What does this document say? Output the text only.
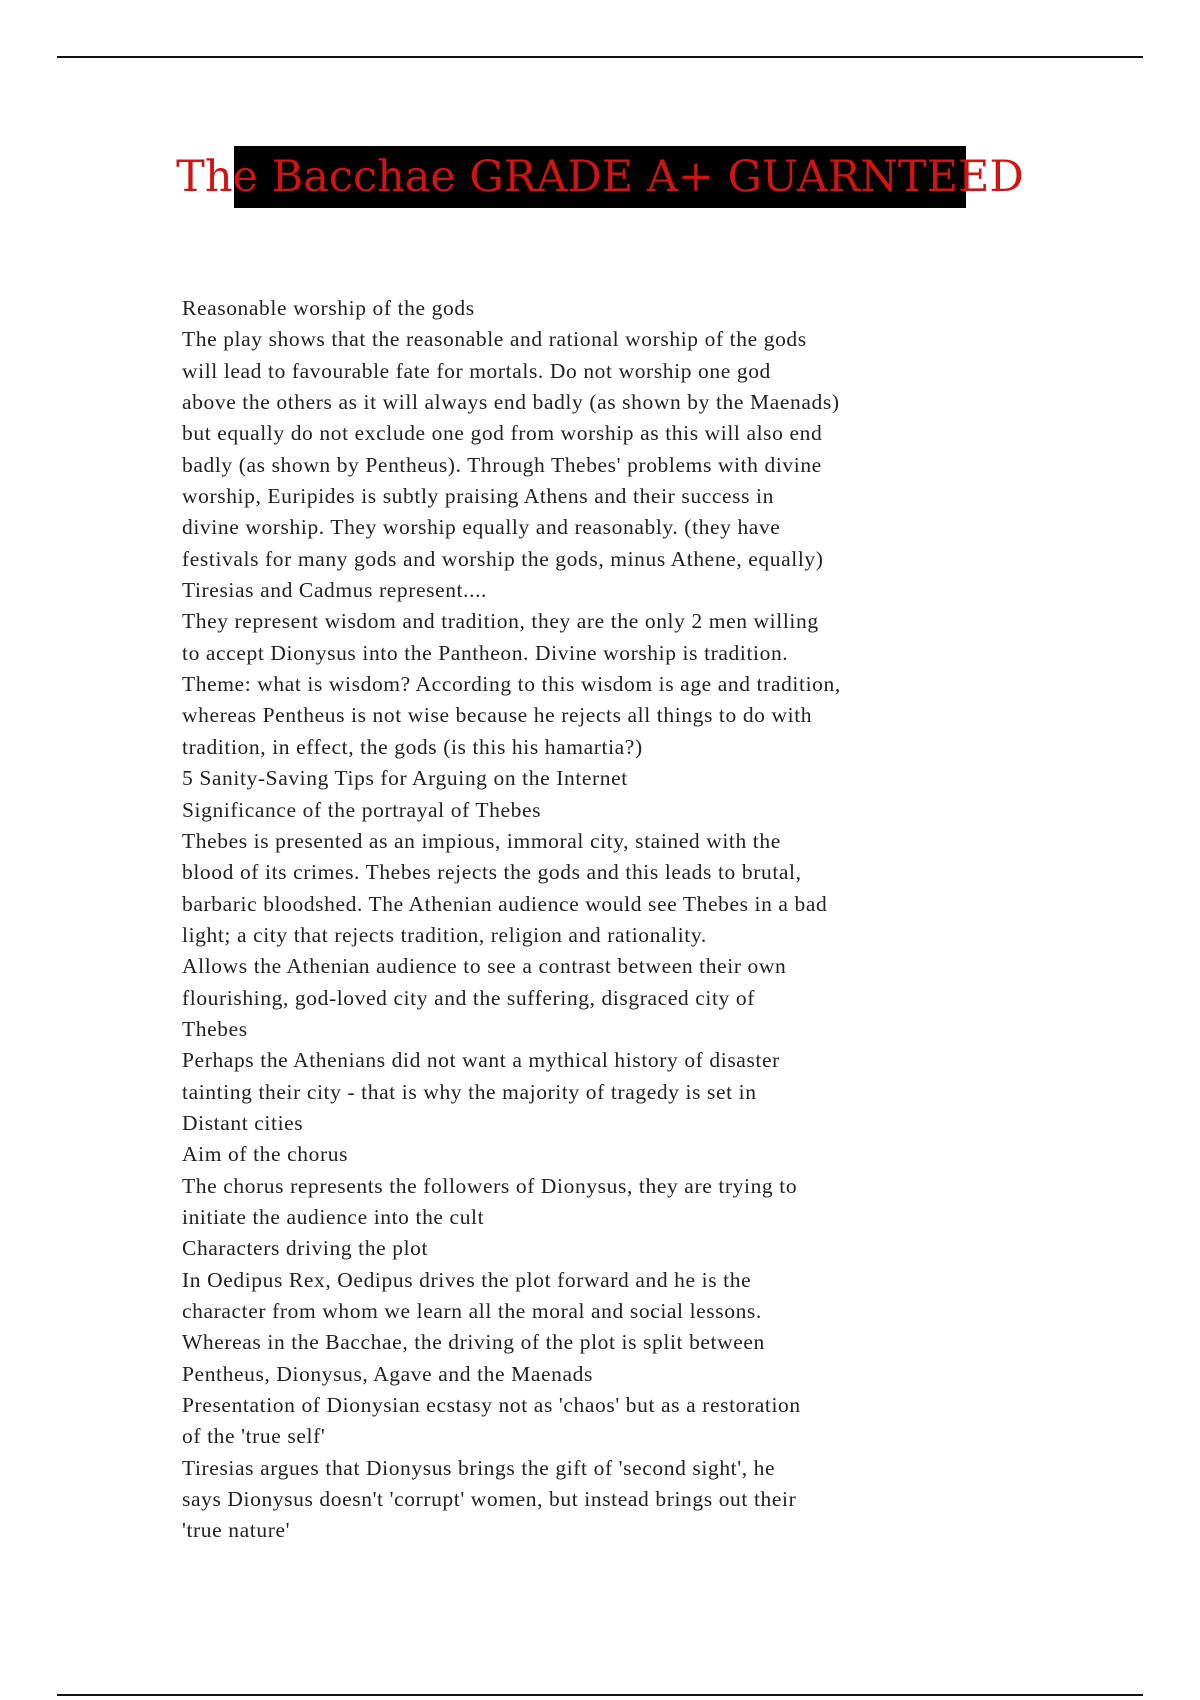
The Bacchae GRADE A+ GUARNTEED
Reasonable worship of the gods
The play shows that the reasonable and rational worship of the gods
will lead to favourable fate for mortals. Do not worship one god
above the others as it will always end badly (as shown by the Maenads)
but equally do not exclude one god from worship as this will also end
badly (as shown by Pentheus). Through Thebes' problems with divine
worship, Euripides is subtly praising Athens and their success in
divine worship. They worship equally and reasonably. (they have
festivals for many gods and worship the gods, minus Athene, equally)
Tiresias and Cadmus represent....
They represent wisdom and tradition, they are the only 2 men willing
to accept Dionysus into the Pantheon. Divine worship is tradition.
Theme: what is wisdom? According to this wisdom is age and tradition,
whereas Pentheus is not wise because he rejects all things to do with
tradition, in effect, the gods (is this his hamartia?)
5 Sanity-Saving Tips for Arguing on the Internet
Significance of the portrayal of Thebes
Thebes is presented as an impious, immoral city, stained with the
blood of its crimes. Thebes rejects the gods and this leads to brutal,
barbaric bloodshed. The Athenian audience would see Thebes in a bad
light; a city that rejects tradition, religion and rationality.
Allows the Athenian audience to see a contrast between their own
flourishing, god-loved city and the suffering, disgraced city of
Thebes
Perhaps the Athenians did not want a mythical history of disaster
tainting their city - that is why the majority of tragedy is set in
Distant cities
Aim of the chorus
The chorus represents the followers of Dionysus, they are trying to
initiate the audience into the cult
Characters driving the plot
In Oedipus Rex, Oedipus drives the plot forward and he is the
character from whom we learn all the moral and social lessons.
Whereas in the Bacchae, the driving of the plot is split between
Pentheus, Dionysus, Agave and the Maenads
Presentation of Dionysian ecstasy not as 'chaos' but as a restoration
of the 'true self'
Tiresias argues that Dionysus brings the gift of 'second sight', he
says Dionysus doesn't 'corrupt' women, but instead brings out their
'true nature'
